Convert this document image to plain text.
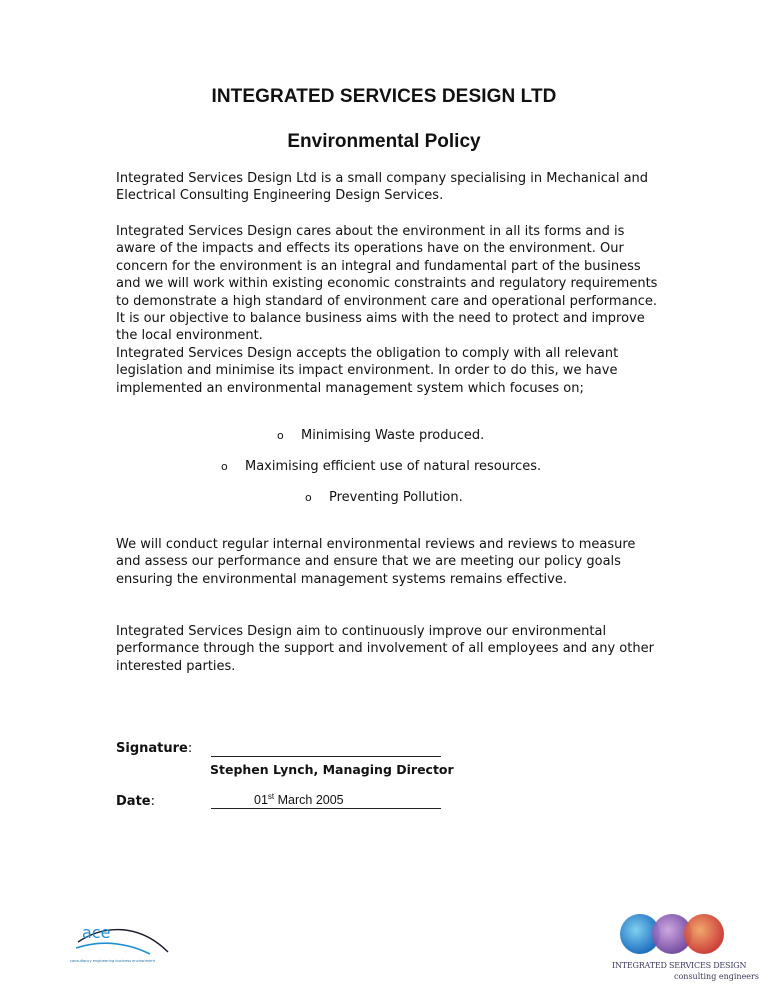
INTEGRATED SERVICES DESIGN LTD
Environmental Policy

Integrated Services Design Ltd is a small company specialising in Mechanical and Electrical Consulting Engineering Design Services.

Integrated Services Design cares about the environment in all its forms and is aware of the impacts and effects its operations have on the environment. Our concern for the environment is an integral and fundamental part of the business and we will work within existing economic constraints and regulatory requirements to demonstrate a high standard of environment care and operational performance. It is our objective to balance business aims with the need to protect and improve the local environment.

Integrated Services Design accepts the obligation to comply with all relevant legislation and minimise its impact environment. In order to do this, we have implemented an environmental management system which focuses on;

o Minimising Waste produced.
o Maximising efficient use of natural resources.
o Preventing Pollution.

We will conduct regular internal environmental reviews and reviews to measure and assess our performance and ensure that we are meeting our policy goals ensuring the environmental management systems remains effective.

Integrated Services Design aim to continuously improve our environmental performance through the support and involvement of all employees and any other interested parties.

Signature:
Stephen Lynch, Managing Director
Date:	01st March 2005
ace
consultancy engineering business environment	INTEGRATED SERVICES DESIGN
consulting engineers
